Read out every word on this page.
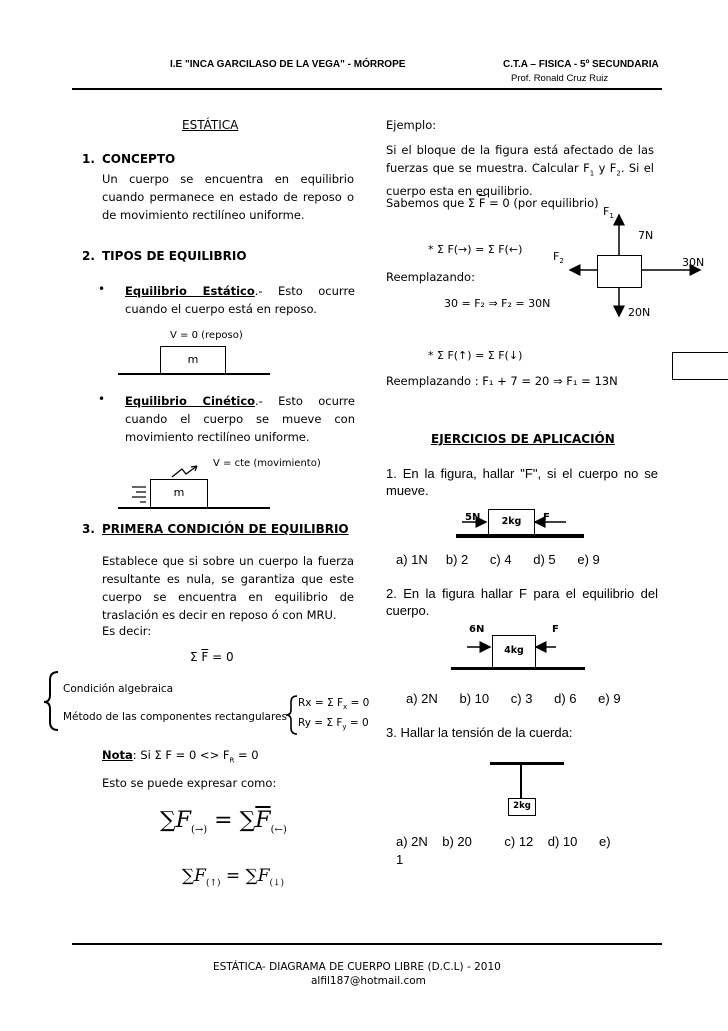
I.E "INCA GARCILASO DE LA VEGA" - MÓRROPE	C.T.A – FISICA - 5º SECUNDARIA
Prof. Ronald Cruz Ruiz
ESTÁTICA
1. CONCEPTO
Un cuerpo se encuentra en equilibrio cuando permanece en estado de reposo o de movimiento rectilíneo uniforme.
2. TIPOS DE EQUILIBRIO
• Equilibrio Estático.- Esto ocurre cuando el cuerpo está en reposo.
V = 0 (reposo)
m
• Equilibrio Cinético.- Esto ocurre cuando el cuerpo se mueve con movimiento rectilíneo uniforme.
V = cte (movimiento)
m
3. PRIMERA CONDICIÓN DE EQUILIBRIO
Establece que si sobre un cuerpo la fuerza resultante es nula, se garantiza que este cuerpo se encuentra en equilibrio de traslación es decir en reposo ó con MRU.
Es decir:
Σ $\overline{F} = 0$
Condición algebraica
Método de las componentes rectangulares
Rx = Σ $F_x = 0$
Ry = Σ $F_y = 0$
Nota: Si Σ $F = 0 <> F_R = 0$
Esto se puede expresar como:
$\sum F_{(\to)} = \sum\overline{F}_{(\leftarrow)}$
$\sum F_{(↑)} = \sum F_{(↓)}$
Ejemplo:
Si el bloque de la figura está afectado de las fuerzas que se muestra. Calcular $F_1$ y $F_2$. Si el cuerpo esta en equilibrio.
Sabemos que Σ $\overline{F} = 0$ (por equilibrio)
$F_1$
7N
$F_2$	30N
20N
* Σ F(→) = Σ F(←)
Reemplazando:
30 = F₂ ⇒ F₂ = 30N
* Σ F(↑) = Σ F(↓)
Reemplazando : F₁ + 7 = 20 ⇒ F₁ = 13N
EJERCICIOS DE APLICACIÓN
1. En la figura, hallar "F", si el cuerpo no se mueve.
2kg
5N	F
a) 1N     b) 2      c) 4      d) 5      e) 9
2. En la figura hallar F para el equilibrio del cuerpo.
6N	F
4kg
a) 2N      b) 10      c) 3      d) 6      e) 9
3. Hallar la tensión de la cuerda:
2kg
a) 2N    b) 20         c) 12    d) 10      e)
1
ESTÁTICA- DIAGRAMA DE CUERPO LIBRE (D.C.L) - 2010
alfil187@hotmail.com
